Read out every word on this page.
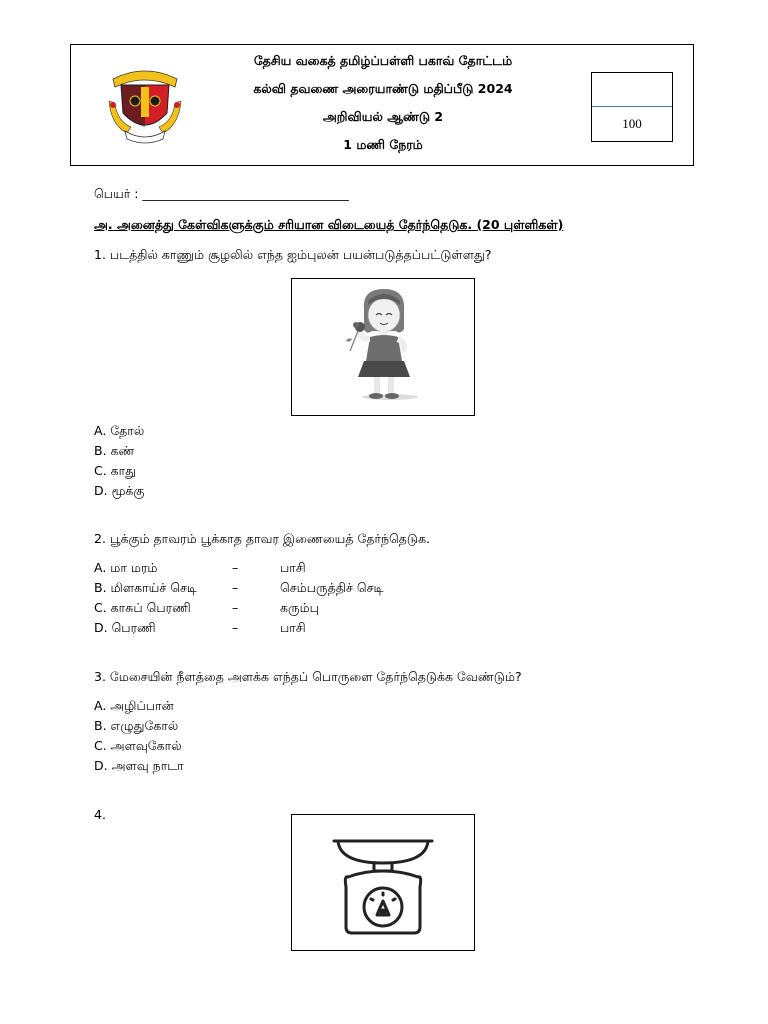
தேசிய வகைத் தமிழ்ப்பள்ளி பகாவ் தோட்டம்
கல்வி தவணை அரையாண்டு மதிப்பீடு 2024
அறிவியல் ஆண்டு 2
1 மணி நேரம்
100
பெயர் : _________________________________
அ. அனைத்து கேள்விகளுக்கும் சரியான விடையைத் தேர்ந்தெடுக. (20 புள்ளிகள்)
1. படத்தில் காணும் சூழலில் எந்த ஐம்புலன் பயன்படுத்தப்பட்டுள்ளது?
A. தோல்
B. கண்
C. காது
D. மூக்கு
2. பூக்கும் தாவரம் பூக்காத தாவர இணையைத் தேர்ந்தெடுக.
A. மா மரம்	–	பாசி
B. மிளகாய்ச் செடி	–	செம்பருத்திச் செடி
C. காசுப் பெரணி	–	கரும்பு
D. பெரணி	–	பாசி
3. மேசையின் நீளத்தை அளக்க எந்தப் பொருளை தேர்ந்தெடுக்க வேண்டும்?
A. அழிப்பான்
B. எழுதுகோல்
C. அளவுகோல்
D. அளவு நாடா
4.
